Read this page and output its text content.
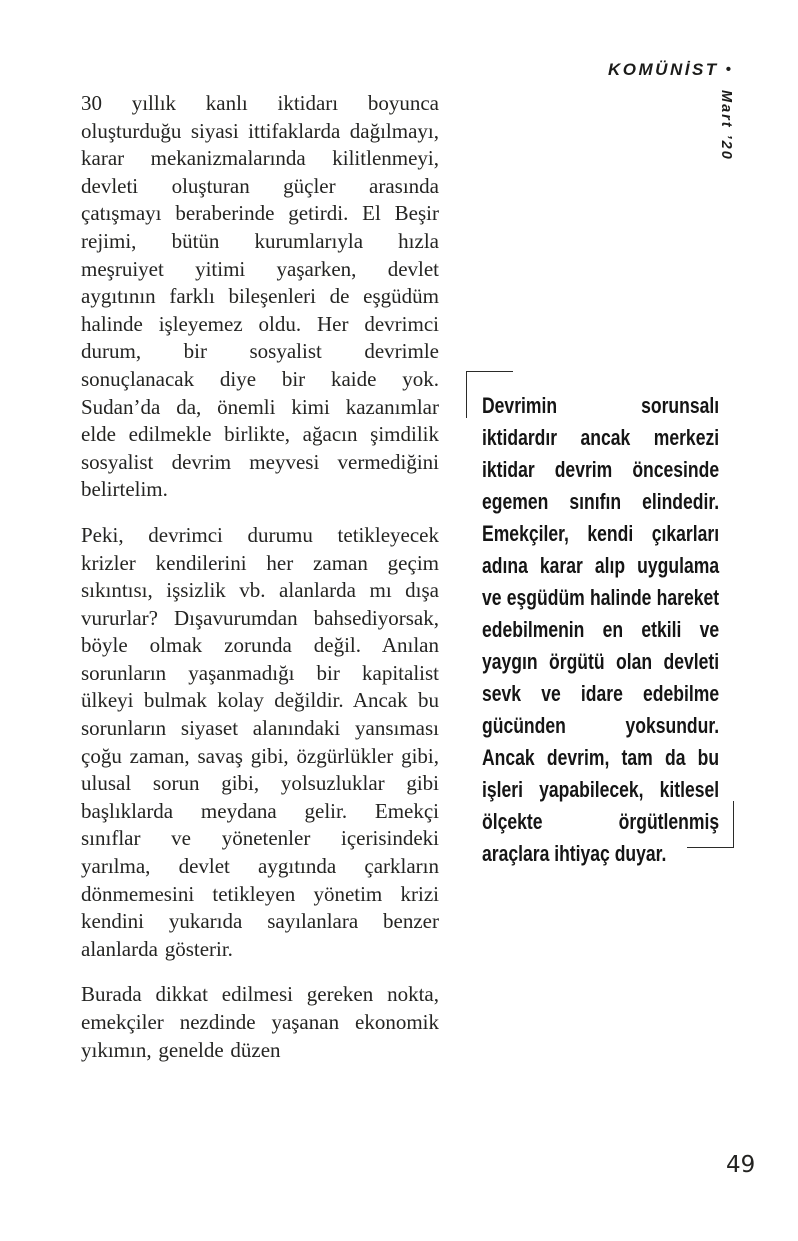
KOMÜNİST •
Mart ’20

30 yıllık kanlı iktidarı boyunca oluşturduğu siyasi ittifaklarda dağılmayı, karar mekanizmalarında kilitlenmeyi, devleti oluşturan güçler arasında çatışmayı beraberinde getirdi. El Beşir rejimi, bütün kurumlarıyla hızla meşruiyet yitimi yaşarken, devlet aygıtının farklı bileşenleri de eşgüdüm halinde işleyemez oldu. Her devrimci durum, bir sosyalist devrimle sonuçlanacak diye bir kaide yok. Sudan’da da, önemli kimi kazanımlar elde edilmekle birlikte, ağacın şimdilik sosyalist devrim meyvesi vermediğini belirtelim.

Peki, devrimci durumu tetikleyecek krizler kendilerini her zaman geçim sıkıntısı, işsizlik vb. alanlarda mı dışa vururlar? Dışavurumdan bahsediyorsak, böyle olmak zorunda değil. Anılan sorunların yaşanmadığı bir kapitalist ülkeyi bulmak kolay değildir. Ancak bu sorunların siyaset alanındaki yansıması çoğu zaman, savaş gibi, özgürlükler gibi, ulusal sorun gibi, yolsuzluklar gibi başlıklarda meydana gelir. Emekçi sınıflar ve yönetenler içerisindeki yarılma, devlet aygıtında çarkların dönmemesini tetikleyen yönetim krizi kendini yukarıda sayılanlara benzer alanlarda gösterir.

Burada dikkat edilmesi gereken nokta, emekçiler nezdinde yaşanan ekonomik yıkımın, genelde düzen

Devrimin sorunsalı iktidardır ancak merkezi iktidar devrim öncesinde egemen sınıfın elindedir. Emekçiler, kendi çıkarları adına karar alıp uygulama ve eşgüdüm halinde hareket edebilmenin en etkili ve yaygın örgütü olan devleti sevk ve idare edebilme gücünden yoksundur. Ancak devrim, tam da bu işleri yapabilecek, kitlesel ölçekte örgütlenmiş araçlara ihtiyaç duyar.
49
